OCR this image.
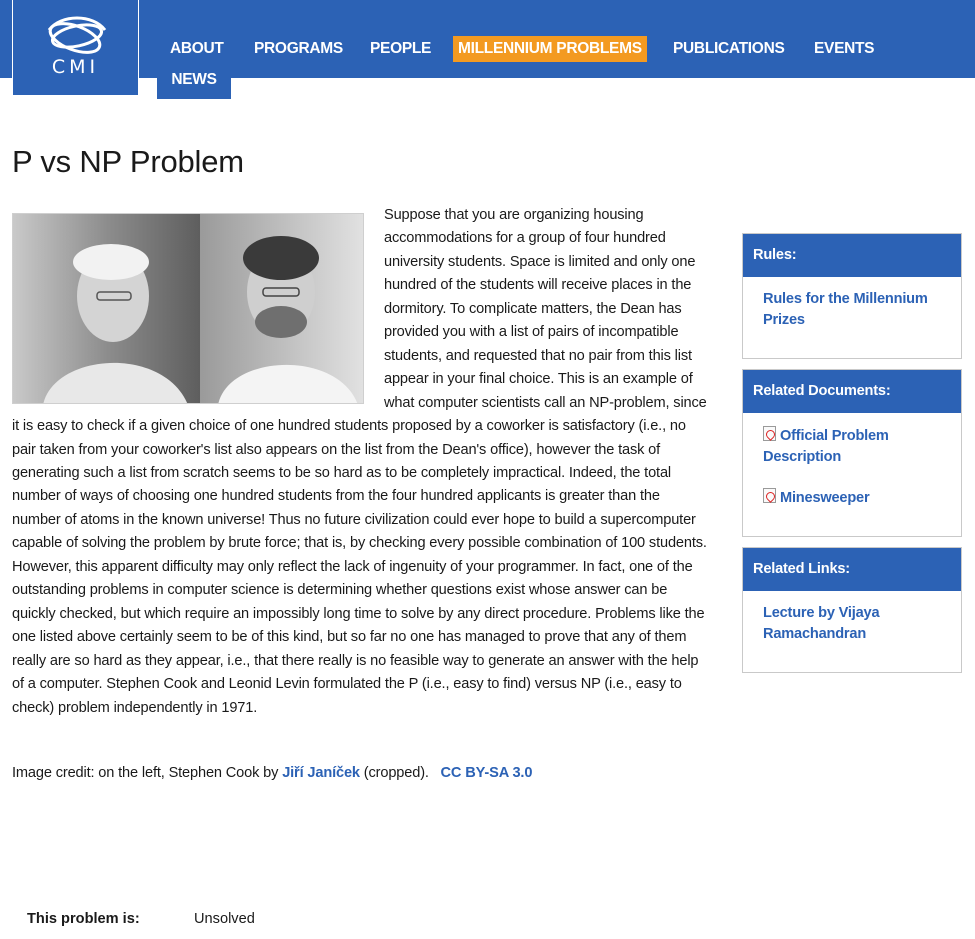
CMI
ABOUT	PROGRAMS	PEOPLE	MILLENNIUM PROBLEMS	PUBLICATIONS	EVENTS
NEWS
P vs NP Problem
Suppose that you are organizing housing accommodations for a group of four hundred university students. Space is limited and only one hundred of the students will receive places in the dormitory. To complicate matters, the Dean has provided you with a list of pairs of incompatible students, and requested that no pair from this list appear in your final choice. This is an example of what computer scientists call an NP-problem, since it is easy to check if a given choice of one hundred students proposed by a coworker is satisfactory (i.e., no pair taken from your coworker's list also appears on the list from the Dean's office), however the task of generating such a list from scratch seems to be so hard as to be completely impractical. Indeed, the total number of ways of choosing one hundred students from the four hundred applicants is greater than the number of atoms in the known universe! Thus no future civilization could ever hope to build a supercomputer capable of solving the problem by brute force; that is, by checking every possible combination of 100 students. However, this apparent difficulty may only reflect the lack of ingenuity of your programmer. In fact, one of the outstanding problems in computer science is determining whether questions exist whose answer can be quickly checked, but which require an impossibly long time to solve by any direct procedure. Problems like the one listed above certainly seem to be of this kind, but so far no one has managed to prove that any of them really are so hard as they appear, i.e., that there really is no feasible way to generate an answer with the help of a computer. Stephen Cook and Leonid Levin formulated the P (i.e., easy to find) versus NP (i.e., easy to check) problem independently in 1971.
Image credit: on the left, Stephen Cook by Jiří Janíček (cropped).   CC BY-SA 3.0
This problem is:	Unsolved
Rules:
Rules for the Millennium Prizes
Related Documents:
Official Problem Description
Minesweeper
Related Links:
Lecture by Vijaya Ramachandran
